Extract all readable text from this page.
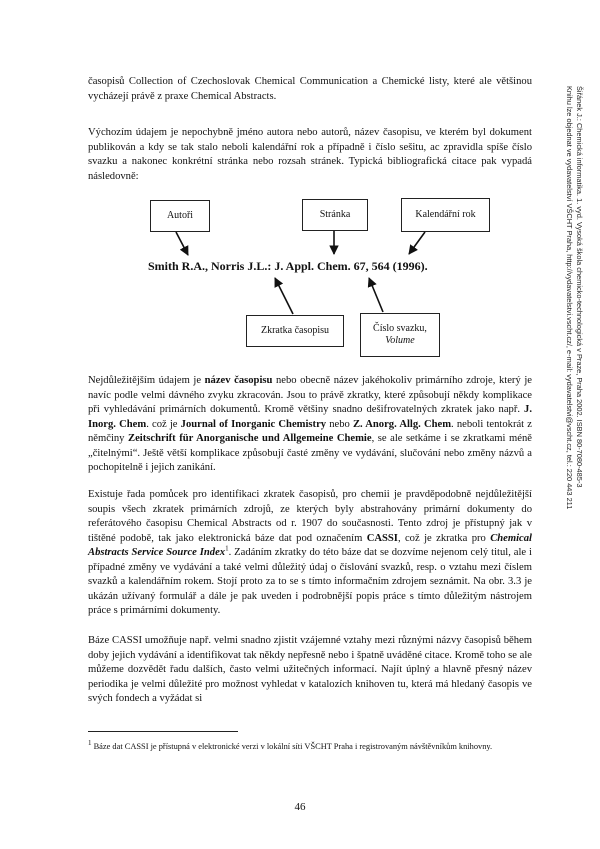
časopisů Collection of Czechoslovak Chemical Communication a Chemické listy, které ale většinou vycházejí právě z praxe Chemical Abstracts.

Výchozím údajem je nepochybně jméno autora nebo autorů, název časopisu, ve kterém byl dokument publikován a kdy se tak stalo neboli kalendářní rok a případně i číslo sešitu, ac zpravidla spíše číslo svazku a nakonec konkrétní stránka nebo rozsah stránek. Typická bibliografická citace pak vypadá následovně:

Autoři	Stránka	Kalendářní rok
Smith R.A., Norris J.L.: J. Appl. Chem. 67, 564 (1996).
Zkratka časopisu	Číslo svazku,
Volume

Nejdůležitějším údajem je název časopisu nebo obecně název jakéhokoliv primárního zdroje, který je navíc podle velmi dávného zvyku zkracován. Jsou to právě zkratky, které způsobují někdy komplikace při vyhledávání primárních dokumentů. Kromě většiny snadno dešifrovatelných zkratek jako např. J. Inorg. Chem. což je Journal of Inorganic Chemistry nebo Z. Anorg. Allg. Chem. neboli tentokrát z němčiny Zeitschrift für Anorganische und Allgemeine Chemie, se ale setkáme i se zkratkami méně „čitelnými“. Ještě větší komplikace způsobují časté změny ve vydávání, slučování nebo změny názvů a pochopitelně i jejich zanikání.

Existuje řada pomůcek pro identifikaci zkratek časopisů, pro chemii je pravděpodobně nejdůležitější soupis všech zkratek primárních zdrojů, ze kterých byly abstrahovány primární dokumenty do referátového časopisu Chemical Abstracts od r. 1907 do současnosti. Tento zdroj je přístupný jak v tištěné podobě, tak jako elektronická báze dat pod označením CASSI, což je zkratka pro Chemical Abstracts Service Source Index$^1$. Zadáním zkratky do této báze dat se dozvíme nejenom celý titul, ale i případné změny ve vydávání a také velmi důležitý údaj o číslování svazků, resp. o vztahu mezi číslem svazků a kalendářním rokem. Stojí proto za to se s tímto informačním zdrojem seznámit. Na obr. 3.3 je ukázán užívaný formulář a dále je pak uveden i podrobnější popis práce s tímto důležitým nástrojem práce s primárními dokumenty.

Báze CASSI umožňuje např. velmi snadno zjistit vzájemné vztahy mezi různými názvy časopisů během doby jejich vydávání a identifikovat tak někdy nepřesně nebo i špatně uváděné citace. Kromě toho se ale můžeme dozvědět řadu dalších, často velmi užitečných informací. Najít úplný a hlavně přesný název periodika je velmi důležité pro možnost vyhledat v katalozích knihoven tu, která má hledaný časopis ve svých fondech a vyžádat si

$^1$ Báze dat CASSI je přístupná v elektronické verzi v lokální síti VŠCHT Praha i registrovaným návštěvníkům knihovny.

46
Šiřánek J.: Chemická informatika. 1. vyd. Vysoká škola chemicko-technologická v Praze, Praha 2002. ISBN 80-7080-485-3
Knihu lze objednat ve vydavatelství VŠCHT Praha, http://vydavatelstvi.vscht.cz/, e-mail: vydavatelstvi@vscht.cz, tel.: 220 443 211
